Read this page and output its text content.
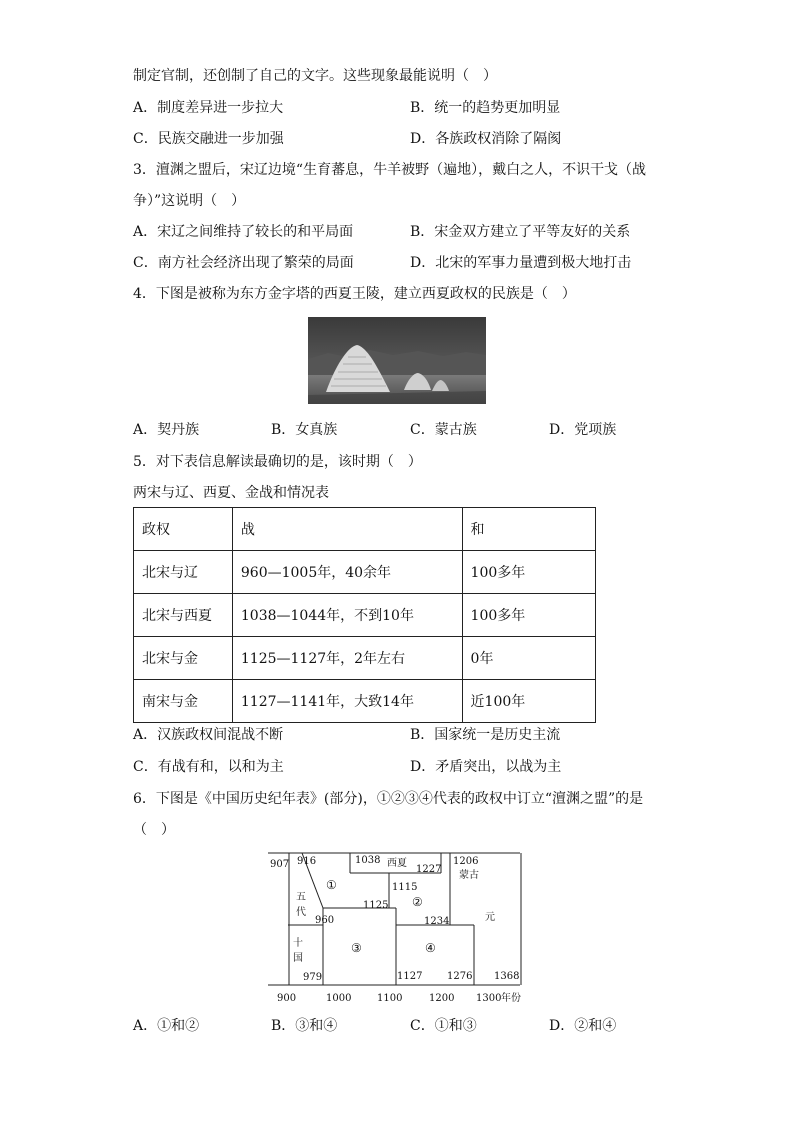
制定官制，还创制了自己的文字。这些现象最能说明（　）
A．制度差异进一步拉大	B．统一的趋势更加明显
C．民族交融进一步加强	D．各族政权消除了隔阂
3．澶渊之盟后，宋辽边境“生育蕃息，牛羊被野（遍地），戴白之人，不识干戈（战
争）”这说明（　）
A．宋辽之间维持了较长的和平局面	B．宋金双方建立了平等友好的关系
C．南方社会经济出现了繁荣的局面	D．北宋的军事力量遭到极大地打击
4．下图是被称为东方金字塔的西夏王陵，建立西夏政权的民族是（　）
A．契丹族	B．女真族	C．蒙古族	D．党项族
5．对下表信息解读最确切的是，该时期（　）
两宋与辽、西夏、金战和情况表
政权	战	和
北宋与辽	960—1005年，40余年	100多年
北宋与西夏	1038—1044年，不到10年	100多年
北宋与金	1125—1127年，2年左右	0年
南宋与金	1127—1141年，大致14年	近100年
A．汉族政权间混战不断	B．国家统一是历史主流
C．有战有和，以和为主	D．矛盾突出，以战为主
6．下图是《中国历史纪年表》(部分)，①②③④代表的政权中订立“澶渊之盟”的是
（　）
907 916	1038 西夏
1227
1206
蒙古
①	1115
五
代
1125 ②
元
960	1234
十	③	④
国
979	1127 1276 1368
900	1000	1100	1200 1300 年份
A．①和②	B．③和④	C．①和③	D．②和④
